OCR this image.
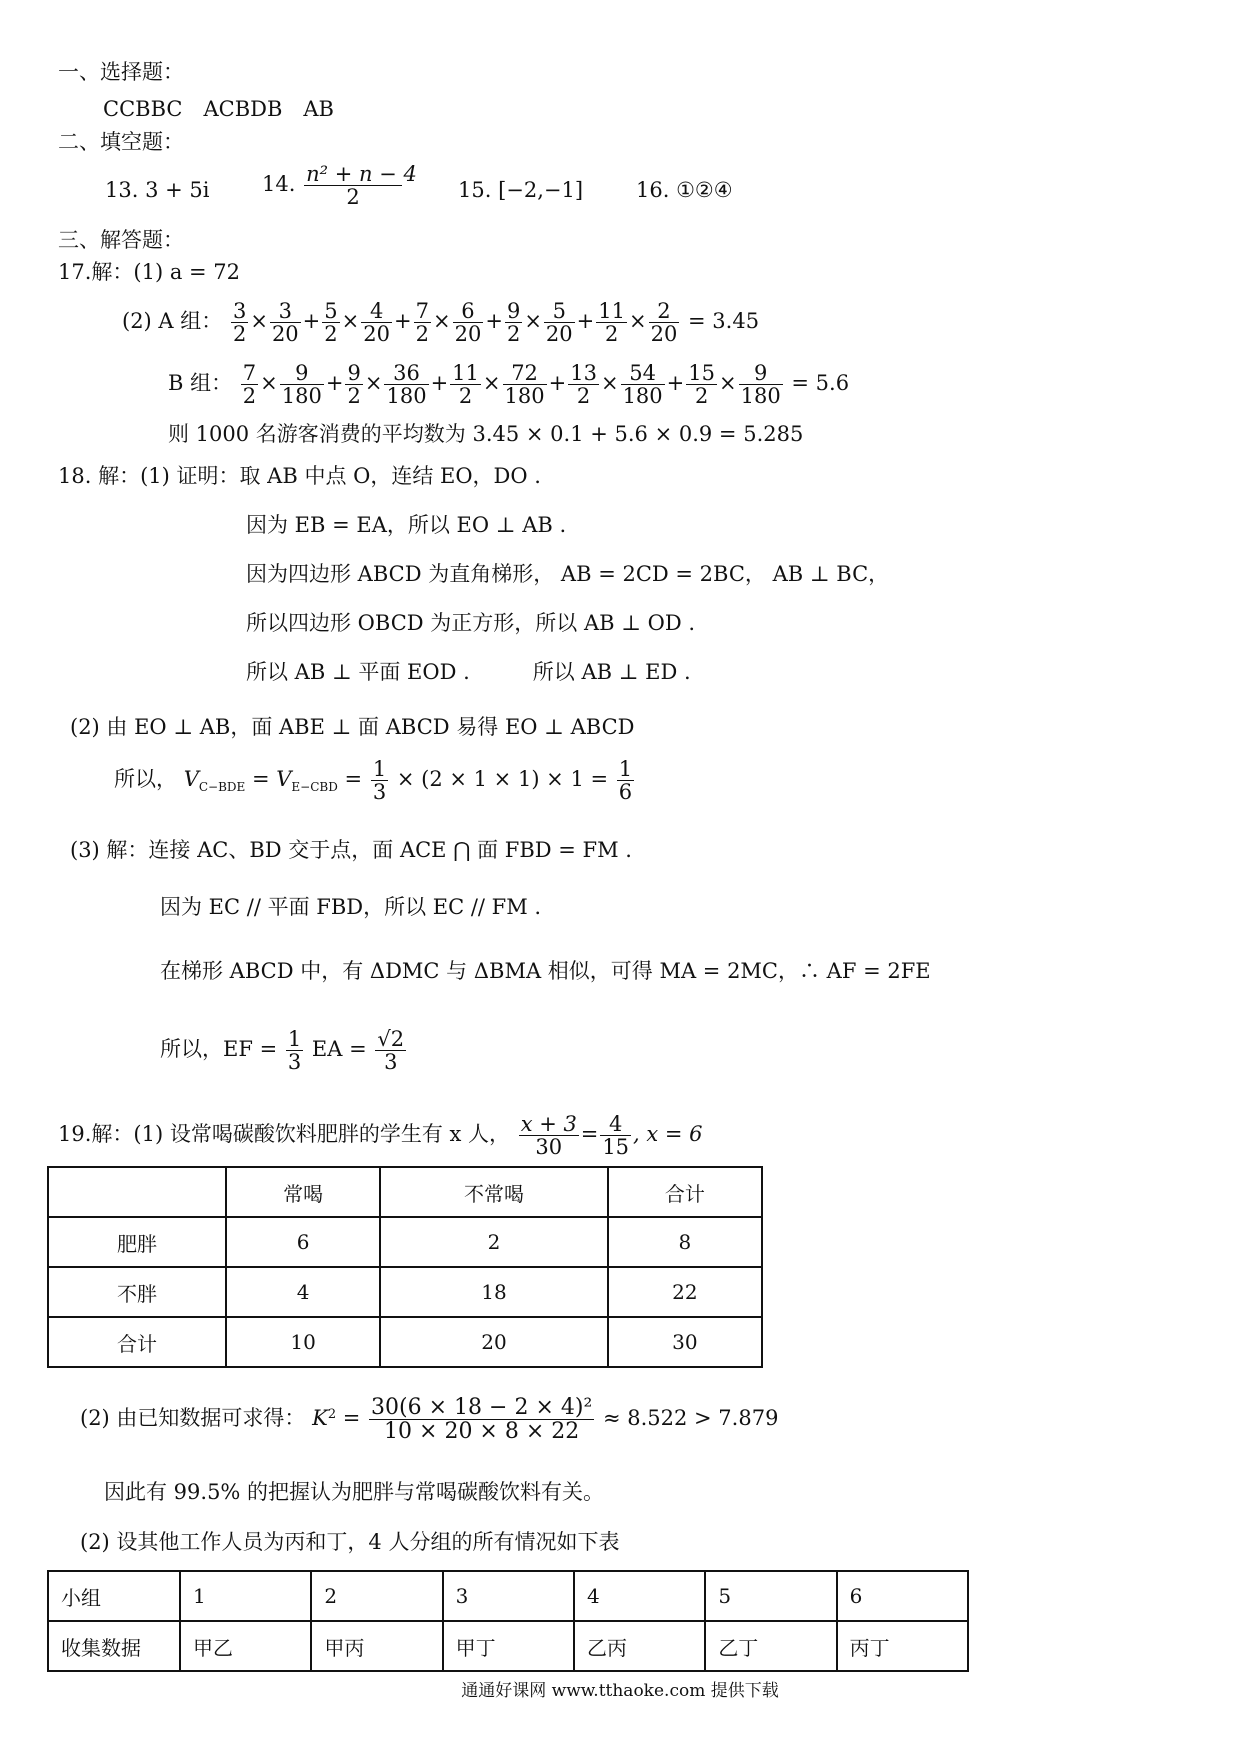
一、选择题：
CCBBC　ACBDB　AB
二、填空题：
13. 3 + 5i	14. $\frac{\text{n² + n − 4}}{2}$	15. [−2,−1]	16. ①②④
三、解答题：
17.解：(1) a = 72
(2) A 组： $\frac{3}{2} \times \frac{3}{20} + \frac{5}{2} \times \frac{4}{20} + \frac{7}{2} \times \frac{6}{20} + \frac{9}{2} \times \frac{5}{20} + \frac{11}{2} \times \frac{2}{20} = 3.45$
B 组： $\frac{7}{2} \times \frac{9}{180} + \frac{9}{2} \times \frac{36}{180} + \frac{11}{2} \times \frac{72}{180} + \frac{13}{2} \times \frac{54}{180} + \frac{15}{2} \times \frac{9}{180} = 5.6$
则 1000 名游客消费的平均数为 3.45 × 0.1 + 5.6 × 0.9 = 5.285
18. 解：(1) 证明：取 AB 中点 O，连结 EO，DO .
因为 EB = EA，所以 EO ⊥ AB .
因为四边形 ABCD 为直角梯形， AB = 2CD = 2BC， AB ⊥ BC，
所以四边形 OBCD 为正方形，所以 AB ⊥ OD .
所以 AB ⊥ 平面 EOD .　　　所以 AB ⊥ ED .
(2) 由 EO ⊥ AB，面 ABE ⊥ 面 ABCD 易得 EO ⊥ ABCD
所以， $V_{C-BDE} = V_{E-CBD} = \frac{1}{3} \times (2 \times 1 \times 1) \times 1 = \frac{1}{6}$
(3) 解：连接 AC、BD 交于点，面 ACE ⋂ 面 FBD = FM .
因为 EC // 平面 FBD，所以 EC // FM .
在梯形 ABCD 中，有 ΔDMC 与 ΔBMA 相似，可得 MA = 2MC，∴ AF = 2FE
所以，EF = $\frac{1}{3}$ EA = $\frac{√2}{3}$
19.解：(1) 设常喝碳酸饮料肥胖的学生有 x 人， $\frac{x + 3}{30} = \frac{4}{15}$ , x = 6
	常喝	不常喝	合计
肥胖	6	2	8
不胖	4	18	22
合计	10	20	30
(2) 由已知数据可求得： $K^2 = \frac{\text{30(6 × 18 − 2 × 4)²}}{10 \times 20 \times 8 \times 22} \approx 8.522 > 7.879$
因此有 99.5% 的把握认为肥胖与常喝碳酸饮料有关。
(2) 设其他工作人员为丙和丁，4 人分组的所有情况如下表
小组	1	2	3	4	5	6
收集数据	甲乙	甲丙	甲丁	乙丙	乙丁	丙丁
通通好课网 www.tthaoke.com 提供下载
